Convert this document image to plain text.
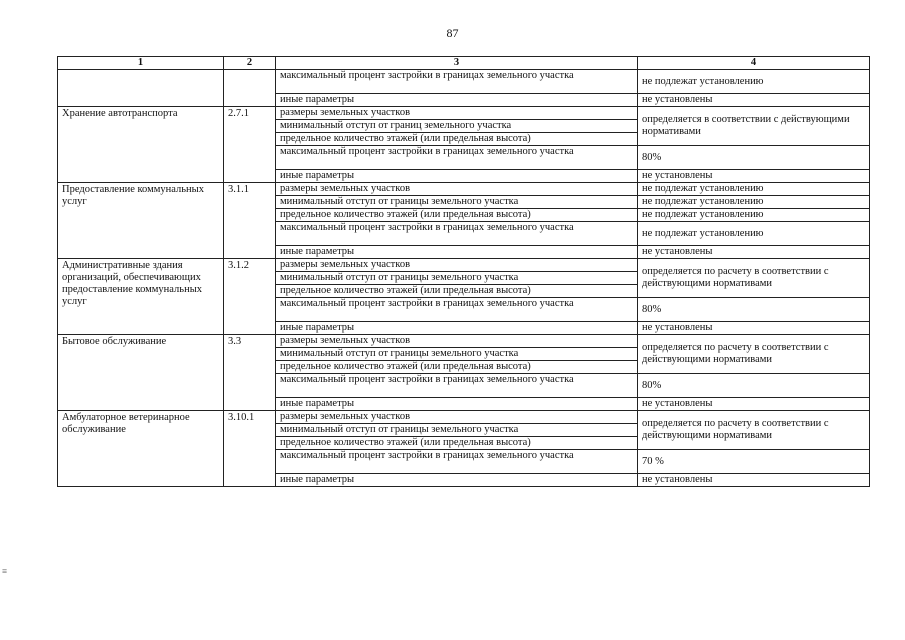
87
1	2	3	4
		максимальный процент застройки в границах земельного участка	не подлежат установлению
		иные параметры	не установлены
Хранение автотранспорта	2.7.1	размеры земельных участков	определяется в соответствии с действующими нормативами
		минимальный отступ от границ земельного участка	
		предельное количество этажей (или предельная высота)	
		максимальный процент застройки в границах земельного участка	80%
		иные параметры	не установлены
Предоставление коммунальных услуг	3.1.1	размеры земельных участков	не подлежат установлению
		минимальный отступ от границы земельного участка	не подлежат установлению
		предельное количество этажей (или предельная высота)	не подлежат установлению
		максимальный процент застройки в границах земельного участка	не подлежат установлению
		иные параметры	не установлены
Административные здания организаций, обеспечивающих предоставление коммунальных услуг	3.1.2	размеры земельных участков	определяется по расчету в соответствии с действующими нормативами
		минимальный отступ от границы земельного участка	
		предельное количество этажей (или предельная высота)	
		максимальный процент застройки в границах земельного участка	80%
		иные параметры	не установлены
Бытовое обслуживание	3.3	размеры земельных участков	определяется по расчету в соответствии с действующими нормативами
		минимальный отступ от границы земельного участка	
		предельное количество этажей (или предельная высота)	
		максимальный процент застройки в границах земельного участка	80%
		иные параметры	не установлены
Амбулаторное ветеринарное обслуживание	3.10.1	размеры земельных участков	определяется по расчету в соответствии с действующими нормативами
		минимальный отступ от границы земельного участка	
		предельное количество этажей (или предельная высота)	
		максимальный процент застройки в границах земельного участка	70 %
		иные параметры	не установлены
≡
